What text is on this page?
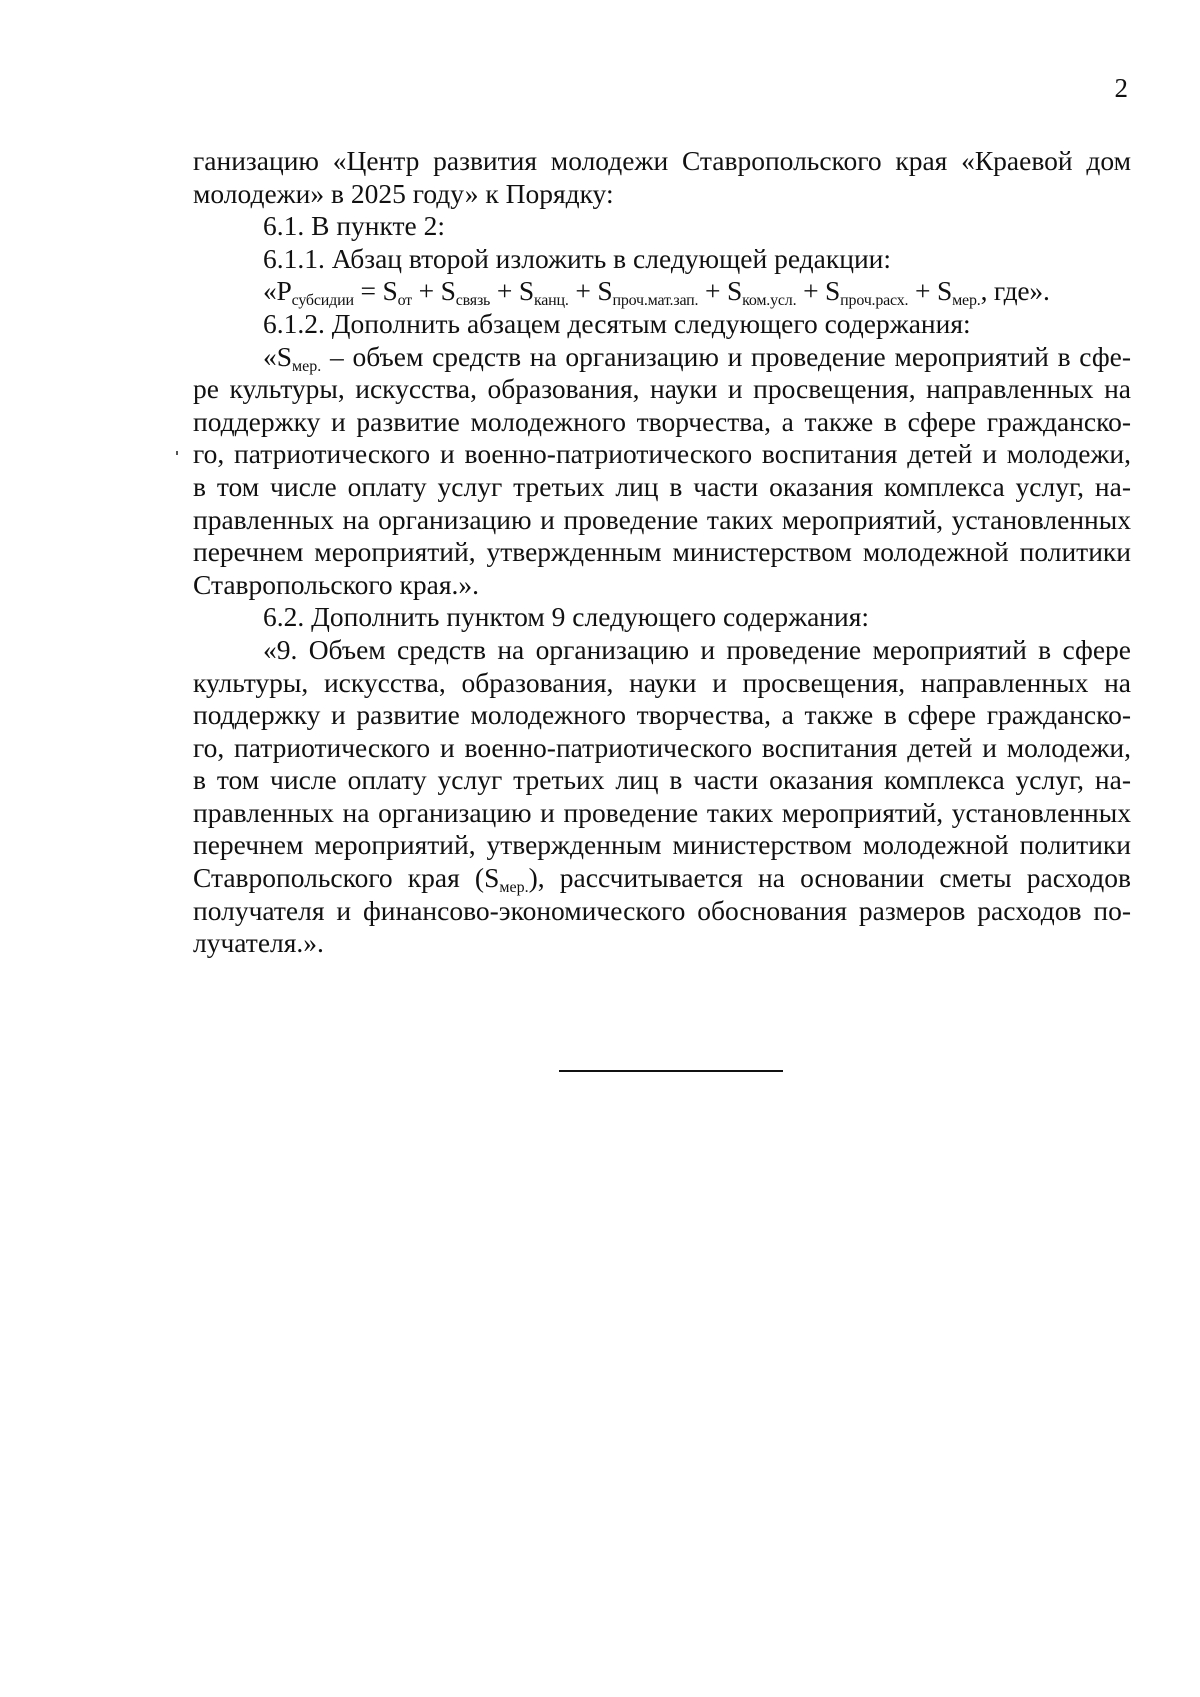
2
ганизацию «Центр развития молодежи Ставропольского края «Краевой дом
молодежи» в 2025 году» к Порядку:
6.1. В пункте 2:
6.1.1. Абзац второй изложить в следующей редакции:
«$P_{субсидии} = S_{от} + S_{связь} + S_{канц.} + S_{проч.мат.зап.} + S_{ком.усл.} + S_{проч.расх.} + S_{мер.}$, где».
6.1.2. Дополнить абзацем десятым следующего содержания:
«$S_{мер.}$ – объем средств на организацию и проведение мероприятий в сфе-
ре культуры, искусства, образования, науки и просвещения, направленных на
поддержку и развитие молодежного творчества, а также в сфере гражданско-
го, патриотического и военно-патриотического воспитания детей и молодежи,
в том числе оплату услуг третьих лиц в части оказания комплекса услуг, на-
правленных на организацию и проведение таких мероприятий, установленных
перечнем мероприятий, утвержденным министерством молодежной политики
Ставропольского края.».
6.2. Дополнить пунктом 9 следующего содержания:
«9. Объем средств на организацию и проведение мероприятий в сфере
культуры, искусства, образования, науки и просвещения, направленных на
поддержку и развитие молодежного творчества, а также в сфере гражданско-
го, патриотического и военно-патриотического воспитания детей и молодежи,
в том числе оплату услуг третьих лиц в части оказания комплекса услуг, на-
правленных на организацию и проведение таких мероприятий, установленных
перечнем мероприятий, утвержденным министерством молодежной политики
Ставропольского края $(S_{мер.})$, рассчитывается на основании сметы расходов
получателя и финансово-экономического обоснования размеров расходов по-
лучателя.».
